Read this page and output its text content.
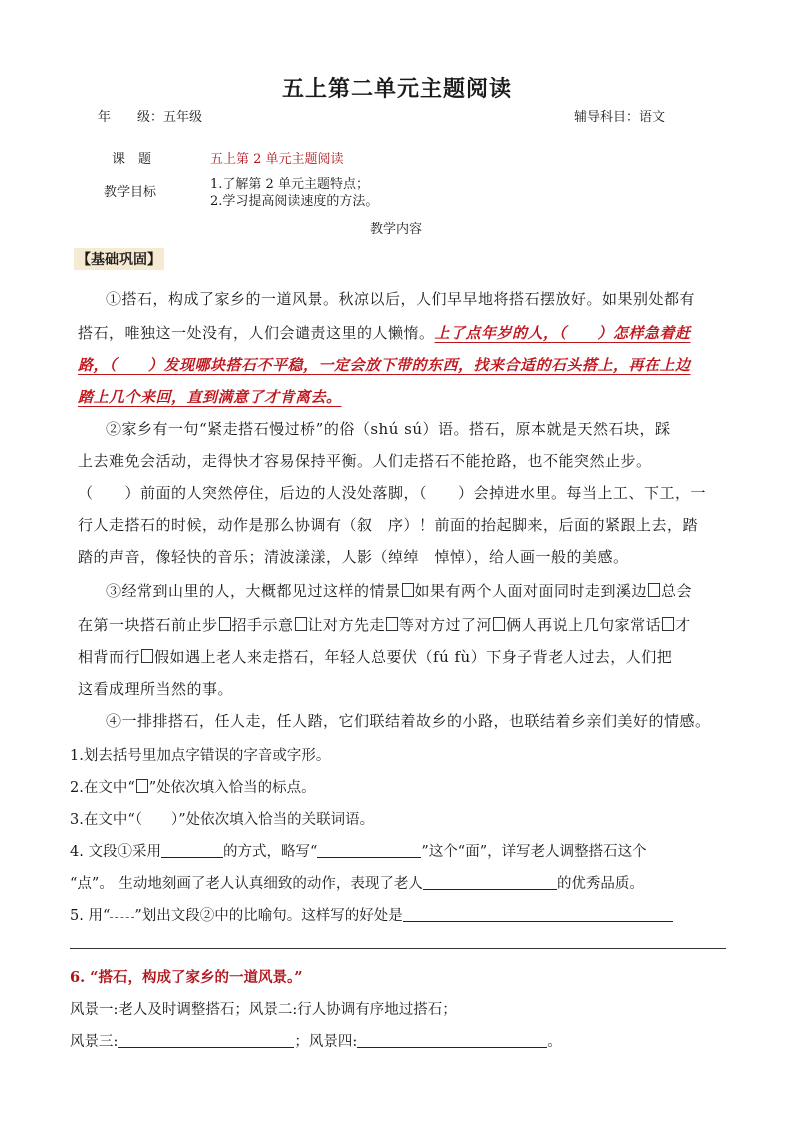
五上第二单元主题阅读
年　　级：五年级	辅导科目：语文
课　题	五上第 2 单元主题阅读
教学目标
1.了解第 2 单元主题特点；
2.学习提高阅读速度的方法。
教学内容
【基础巩固】
①搭石，构成了家乡的一道风景。秋凉以后，人们早早地将搭石摆放好。如果别处都有
搭石，唯独这一处没有，人们会谴责这里的人懒惰。上了点年岁的人，（　　）怎样急着赶
路，（　　）发现哪块搭石不平稳，一定会放下带的东西，找来合适的石头搭上，再在上边
踏上几个来回，直到满意了才肯离去。
②家乡有一句“紧走搭石慢过桥”的俗（shú sú）语。搭石，原本就是天然石块，踩
上去难免会活动，走得快才容易保持平衡。人们走搭石不能抢路，也不能突然止步。
（　　）前面的人突然停住，后边的人没处落脚，（　　）会掉进水里。每当上工、下工，一
行人走搭石的时候，动作是那么协调有（叙　序）！前面的抬起脚来，后面的紧跟上去，踏
踏的声音，像轻快的音乐；清波漾漾，人影（绰绰　悼悼），给人画一般的美感。
③经常到山里的人，大概都见过这样的情景 如果有两个人面对面同时走到溪边 总会
在第一块搭石前止步 招手示意 让对方先走 等对方过了河 俩人再说上几句家常话 才
相背而行 假如遇上老人来走搭石，年轻人总要伏（fú fù）下身子背老人过去，人们把
这看成理所当然的事。
④一排排搭石，任人走，任人踏，它们联结着故乡的小路，也联结着乡亲们美好的情感。
1.划去括号里加点字错误的字音或字形。
2.在文中“ ”处依次填入恰当的标点。
3.在文中“（　　）”处依次填入恰当的关联词语。
4. 文段①采用	的方式，略写“	”这个“面”，详写老人调整搭石这个
“点”。 生动地刻画了老人认真细致的动作，表现了老人	的优秀品质。
5. 用“ ”划出文段②中的比喻句。这样写的好处是
6. “搭石，构成了家乡的一道风景。”
风景一:老人及时调整搭石；风景二:行人协调有序地过搭石；
风景三:	；风景四:	。
